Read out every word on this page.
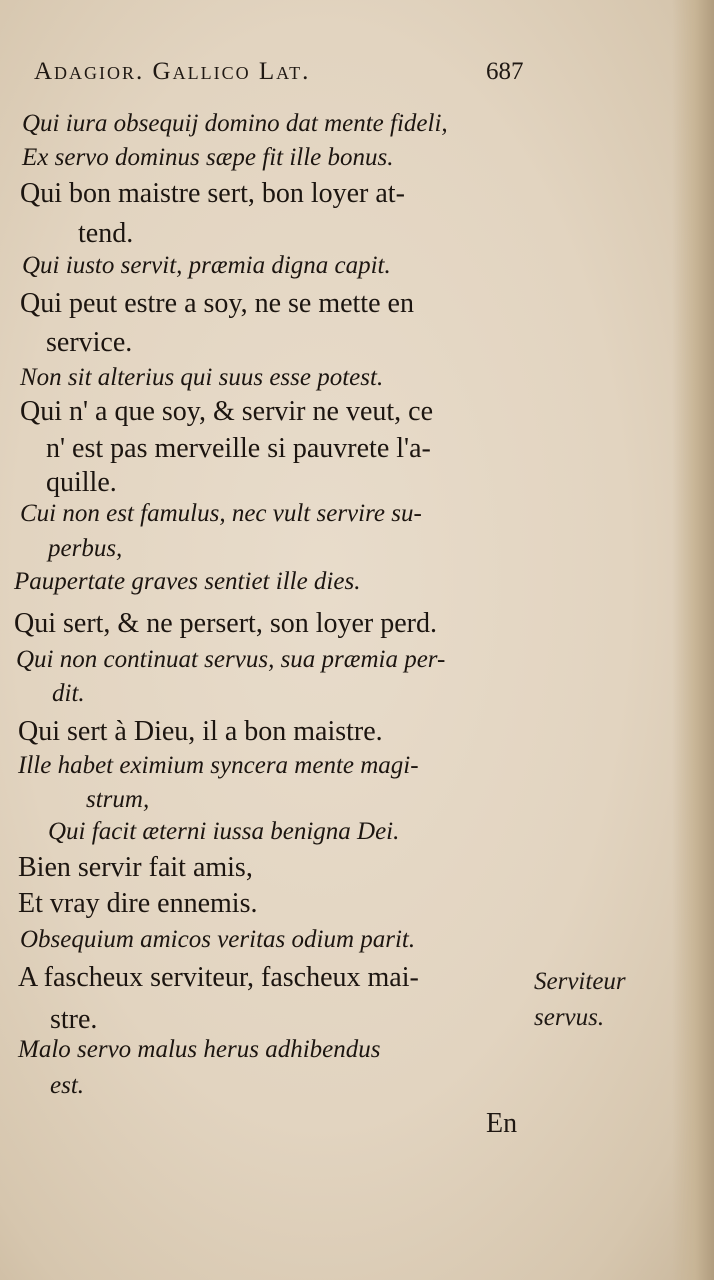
Adagior. Gallico Lat.	687
Qui iura obsequij domino dat mente fideli,
Ex servo dominus sæpe fit ille bonus.
Qui bon maistre sert, bon loyer at-
tend.
Qui iusto servit, præmia digna capit.
Qui peut estre a soy, ne se mette en
service.
Non sit alterius qui suus esse potest.
Qui n' a que soy, & servir ne veut, ce
n' est pas merveille si pauvrete l'a-
quille.
Cui non est famulus, nec vult servire su-
perbus,
Paupertate graves sentiet ille dies.
Qui sert, & ne persert, son loyer perd.
Qui non continuat servus, sua præmia per-
dit.
Qui sert à Dieu, il a bon maistre.
Ille habet eximium syncera mente magi-
strum,
Qui facit æterni iussa benigna Dei.
Bien servir fait amis,
Et vray dire ennemis.
Obsequium amicos veritas odium parit.
A fascheux serviteur, fascheux mai-
stre.
Malo servo malus herus adhibendus
est.
Serviteur
servus.
En
